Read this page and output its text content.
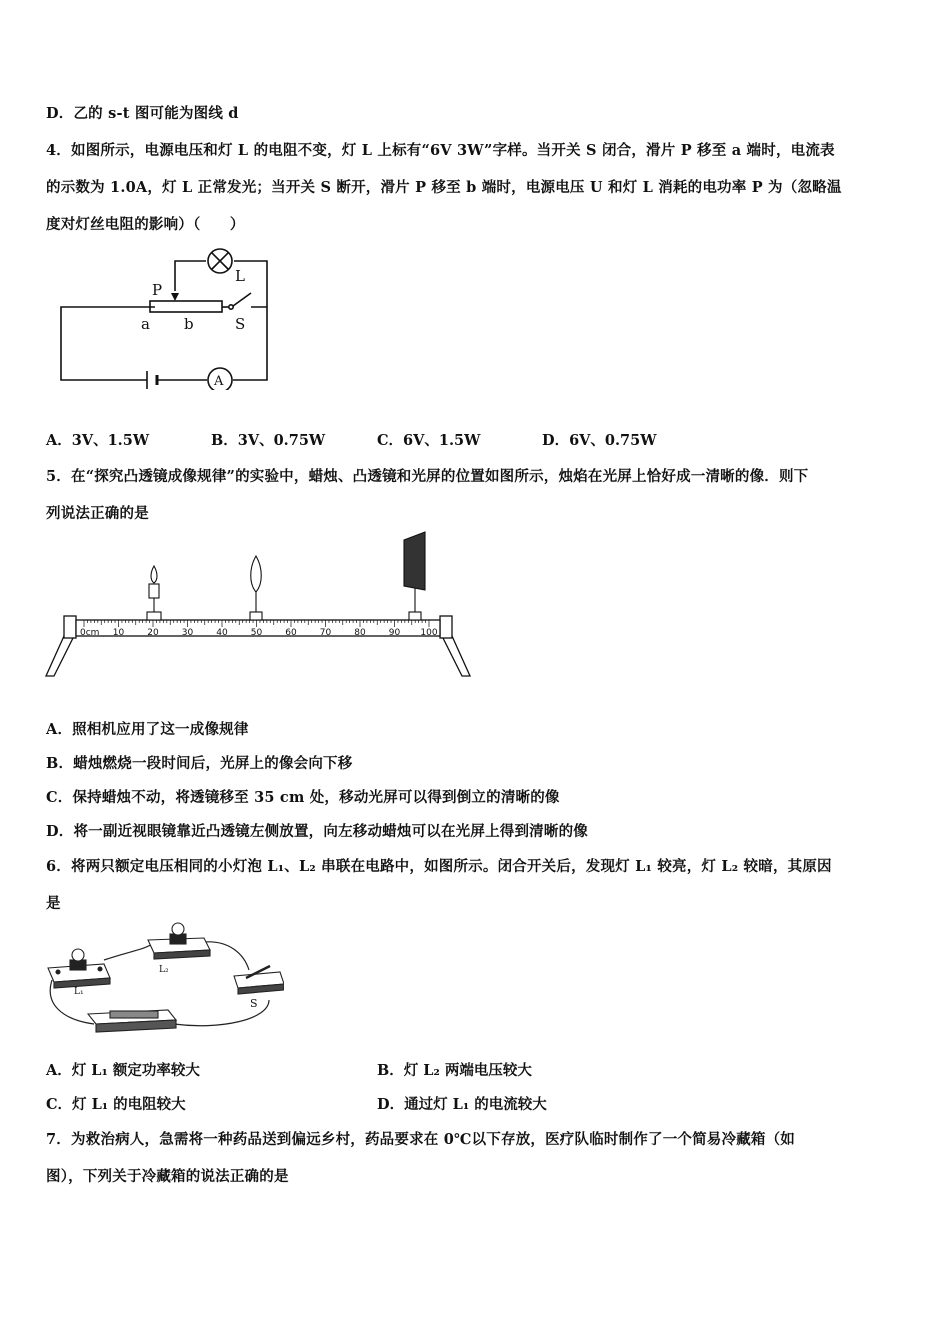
D．乙的 s-t 图可能为图线 d
4．如图所示，电源电压和灯 L 的电阻不变，灯 L 上标有“6V 3W”字样。当开关 S 闭合，滑片 P 移至 a 端时，电流表
的示数为 1.0A，灯 L 正常发光；当开关 S 断开，滑片 P 移至 b 端时，电源电压 U 和灯 L 消耗的电功率 P 为（忽略温
度对灯丝电阻的影响）（　　）
P
L
a b	S
A
A．3V、1.5W	B．3V、0.75W	C．6V、1.5W	D．6V、0.75W
5．在“探究凸透镜成像规律”的实验中，蜡烛、凸透镜和光屏的位置如图所示，烛焰在光屏上恰好成一清晰的像．则下
列说法正确的是
0cm 10	20	30	40	50	60	70	80	90 100
A．照相机应用了这一成像规律
B．蜡烛燃烧一段时间后，光屏上的像会向下移
C．保持蜡烛不动，将透镜移至 35 cm 处，移动光屏可以得到倒立的清晰的像
D．将一副近视眼镜靠近凸透镜左侧放置，向左移动蜡烛可以在光屏上得到清晰的像
6．将两只额定电压相同的小灯泡 L₁、L₂ 串联在电路中，如图所示。闭合开关后，发现灯 L₁ 较亮，灯 L₂ 较暗，其原因
是
L₁
L₂
S
A．灯 L₁ 额定功率较大	B．灯 L₂ 两端电压较大
C．灯 L₁ 的电阻较大	D．通过灯 L₁ 的电流较大
7．为救治病人，急需将一种药品送到偏远乡村，药品要求在 0℃以下存放，医疗队临时制作了一个简易冷藏箱（如
图），下列关于冷藏箱的说法正确的是
